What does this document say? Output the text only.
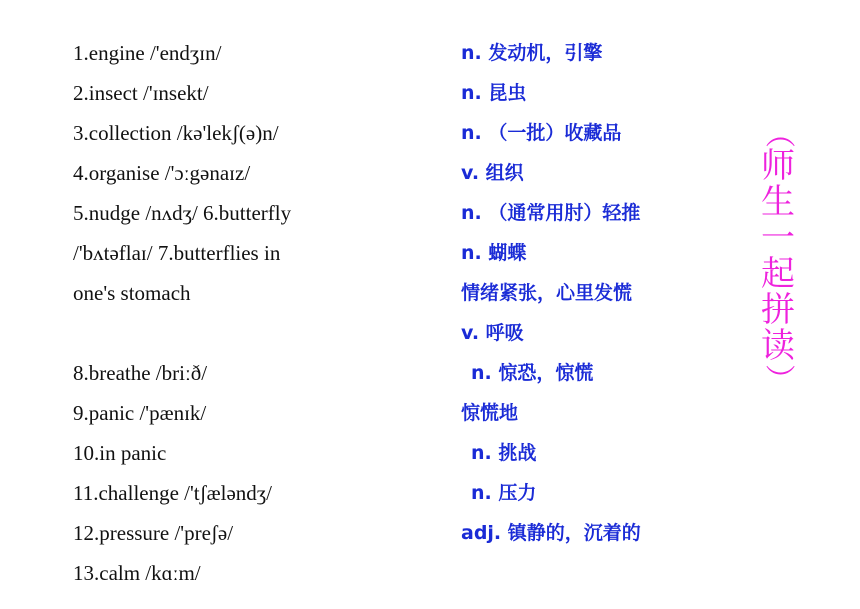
1.engine /'endʒɪn/
2.insect /'ɪnsekt/
3.collection /kə'lekʃ(ə)n/
4.organise /'ɔːgənaɪz/
5.nudge /nʌdʒ/ 6.butterfly
/'bʌtəflaɪ/ 7.butterflies in
one's stomach
8.breathe /briːð/
9.panic /'pænɪk/
10.in panic
11.challenge /'tʃæləndʒ/
12.pressure /'preʃə/
13.calm /kɑːm/
n. 发动机，引擎
n. 昆虫
n. （一批）收藏品
v. 组织
n. （通常用肘）轻推
n. 蝴蝶
情绪紧张，心里发慌
v. 呼吸
n. 惊恐，惊慌
惊慌地
n. 挑战
n. 压力
adj. 镇静的，沉着的
（
师
生
一
起
拼
读
）
